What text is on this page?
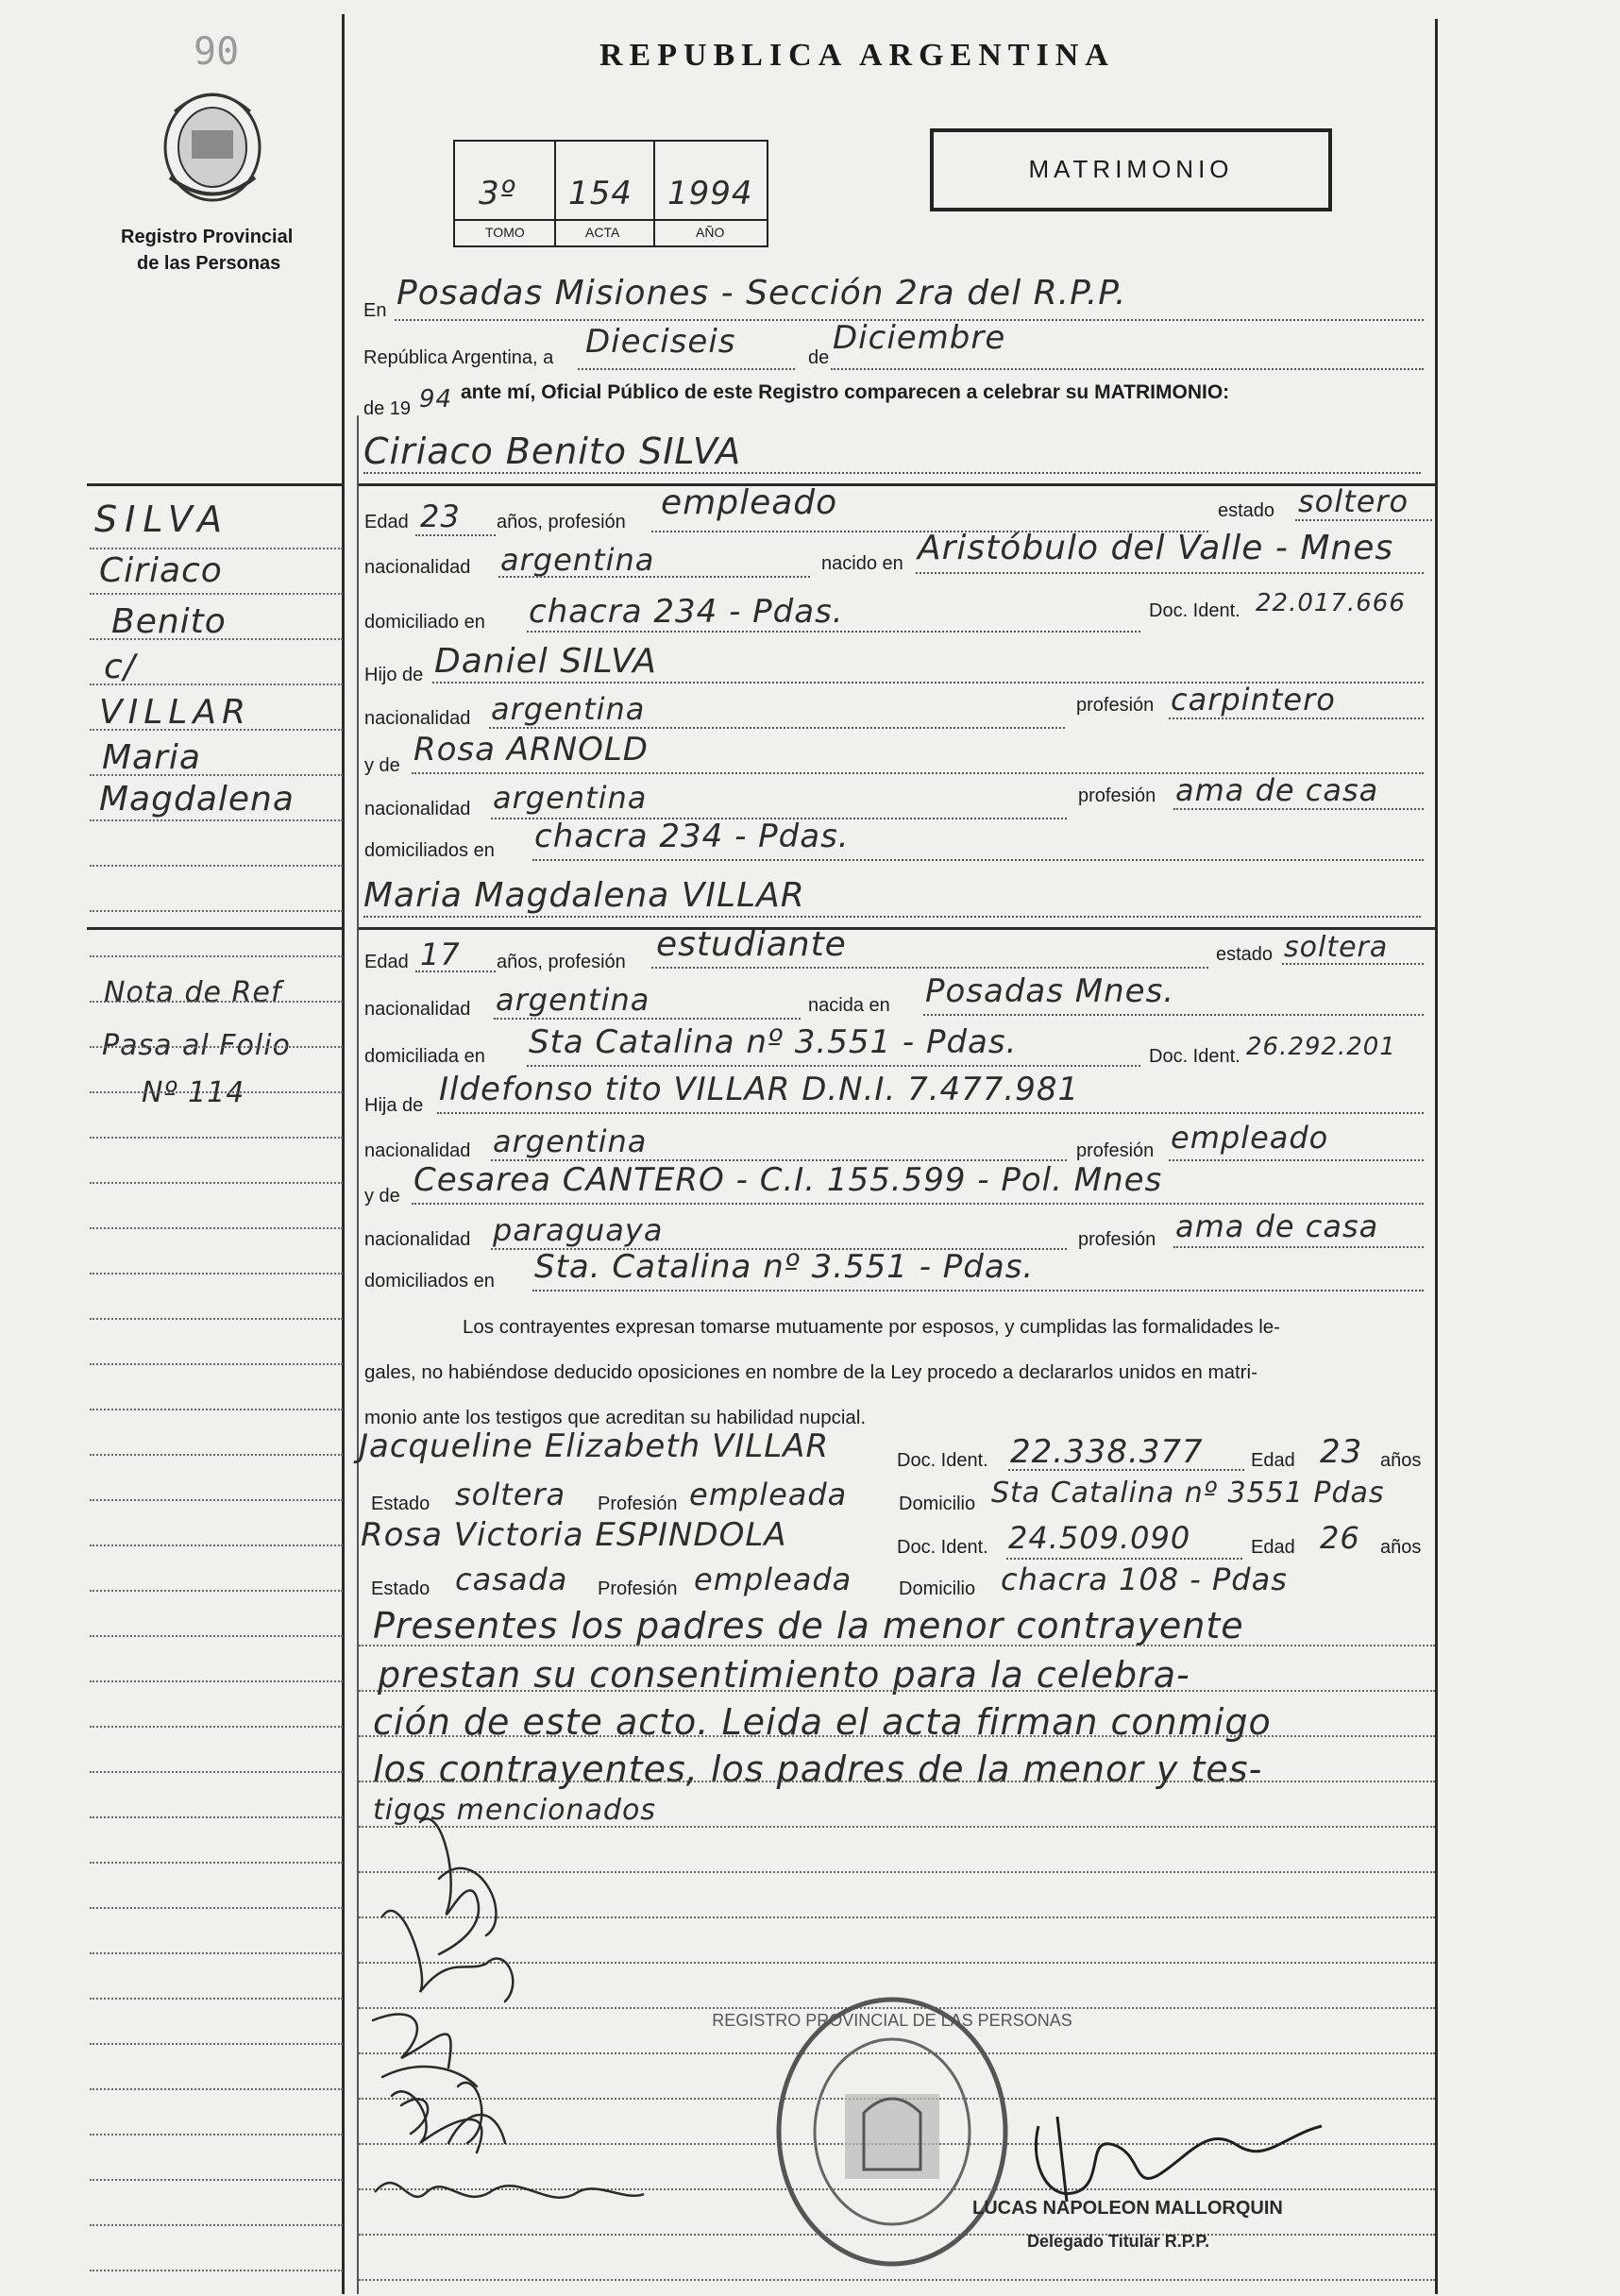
90
Registro Provincial
de las Personas
REPUBLICA ARGENTINA
3º 154 1994
TOMO	ACTA	AÑO
MATRIMONIO
En Posadas Misiones - Sección 2ra del R.P.P.
República Argentina, a Dieciseis	de
Diciembre
de 19 94 ante mí, Oficial Público de este Registro comparecen a celebrar su MATRIMONIO:
Ciriaco Benito SILVA
Edad 23 años, profesión empleado	estado soltero
nacionalidad argentina	nacido en Aristóbulo del Valle - Mnes
domiciliado en chacra 234 - Pdas.	Doc. Ident. 22.017.666
Hijo de Daniel SILVA
nacionalidad argentina	profesión carpintero
y de Rosa ARNOLD
nacionalidad argentina	profesión ama de casa
domiciliados en chacra 234 - Pdas.
Maria Magdalena VILLAR
Edad 17 años, profesión estudiante	estado soltera
nacionalidad argentina	nacida en Posadas Mnes.
domiciliada en Sta Catalina nº 3.551 - Pdas.	Doc. Ident. 26.292.201
Hija de Ildefonso tito VILLAR D.N.I. 7.477.981
nacionalidad argentina	profesión empleado
y de Cesarea CANTERO - C.I. 155.599 - Pol. Mnes
nacionalidad paraguaya	profesión ama de casa
domiciliados en Sta. Catalina nº 3.551 - Pdas.
Los contrayentes expresan tomarse mutuamente por esposos, y cumplidas las formalidades le-
gales, no habiéndose deducido oposiciones en nombre de la Ley procedo a declararlos unidos en matri-
monio ante los testigos que acreditan su habilidad nupcial.
Jacqueline Elizabeth VILLAR	Doc. Ident. 22.338.377	Edad 23 años
Estado soltera Profesión empleada	Domicilio Sta Catalina nº 3551 Pdas
Rosa Victoria ESPINDOLA	Doc. Ident. 24.509.090	Edad 26 años
Estado casada Profesión empleada Domicilio chacra 108 - Pdas
Presentes los padres de la menor contrayente
prestan su consentimiento para la celebra-
ción de este acto. Leida el acta firman conmigo
los contrayentes, los padres de la menor y tes-
tigos mencionados
SILVA
Ciriaco
Benito
c/
VILLAR
Maria
Magdalena
Nota de Ref
Pasa al Folio
Nº 114
REGISTRO PROVINCIAL DE LAS PERSONAS
LUCAS NAPOLEON MALLORQUIN
Delegado Titular R.P.P.
